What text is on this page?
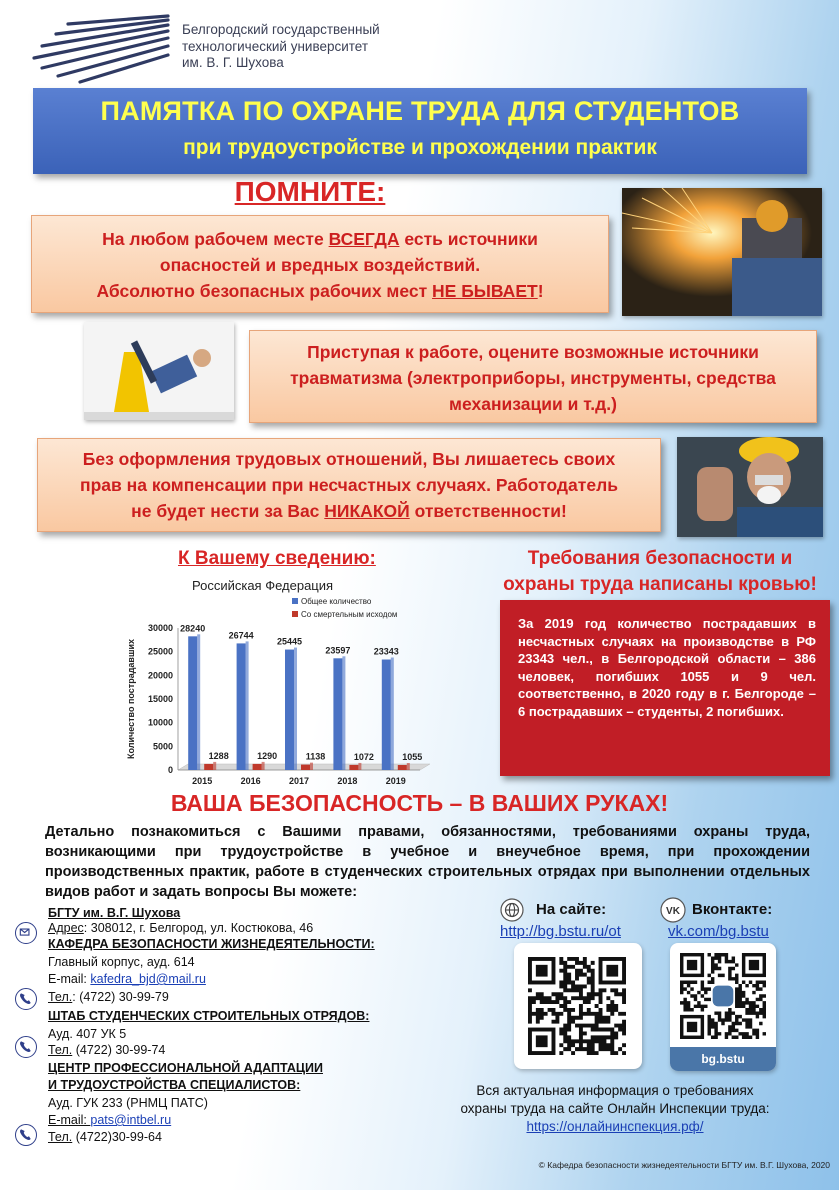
Белгородский государственный
технологический университет
им. В. Г. Шухова
ПАМЯТКА ПО ОХРАНЕ ТРУДА ДЛЯ СТУДЕНТОВ
при трудоустройстве и прохождении практик
ПОМНИТЕ:
На любом рабочем месте ВСЕГДА есть источники
опасностей и вредных воздействий.
Абсолютно безопасных рабочих мест НЕ БЫВАЕТ!
Приступая к работе, оцените возможные источники
травматизма (электроприборы, инструменты, средства
механизации и т.д.)
Без оформления трудовых отношений, Вы лишаетесь своих
прав на компенсации при несчастных случаях. Работодатель
не будет нести за Вас НИКАКОЙ ответственности!
К Вашему сведению:
Российская Федерация
0
5000
10000
15000
20000
25000
30000
Количество пострадавших
2015
28240
1288
2016
26744
1290
2017
25445
1138
2018
23597
1072
2019
23343
1055
Общее количество
Со смертельным исходом
Требования безопасности и
охраны труда написаны кровью!

За 2019 год количество пострадавших в несчастных случаях на производстве в РФ 23343 чел., в Белгородской области – 386 человек, погибших 1055 и 9 чел. соответственно, в 2020 году в г. Белгороде – 6 пострадавших – студенты, 2 погибших.

ВАША БЕЗОПАСНОСТЬ – В ВАШИХ РУКАХ!
Детально познакомиться с Вашими правами, обязанностями, требованиями охраны труда, возникающими при трудоустройстве в учебное и внеучебное время, при прохождении производственных практик, работе в студенческих строительных отрядах при выполнении отдельных видов работ и задать вопросы Вы можете:
БГТУ им. В.Г. Шухова
Адрес: 308012, г. Белгород, ул. Костюкова, 46
КАФЕДРА БЕЗОПАСНОСТИ ЖИЗНЕДЕЯТЕЛЬНОСТИ:
Главный корпус, ауд. 614
E-mail: kafedra_bjd@mail.ru
Тел.: (4722) 30-99-79
ШТАБ СТУДЕНЧЕСКИХ СТРОИТЕЛЬНЫХ ОТРЯДОВ:
Ауд. 407 УК 5
Тел. (4722) 30-99-74
ЦЕНТР ПРОФЕССИОНАЛЬНОЙ АДАПТАЦИИ
И ТРУДОУСТРОЙСТВА СПЕЦИАЛИСТОВ:
Ауд. ГУК 233 (РНМЦ ПАТС)
E-mail: pats@intbel.ru
Тел. (4722)30-99-64
На сайте:
http://bg.bstu.ru/ot
VK Вконтакте:
vk.com/bg.bstu
bg.bstu
Вся актуальная информация о требованиях
охраны труда на сайте Онлайн Инспекции труда:
https://онлайнинспекция.рф/
© Кафедра безопасности жизнедеятельности БГТУ им. В.Г. Шухова, 2020
